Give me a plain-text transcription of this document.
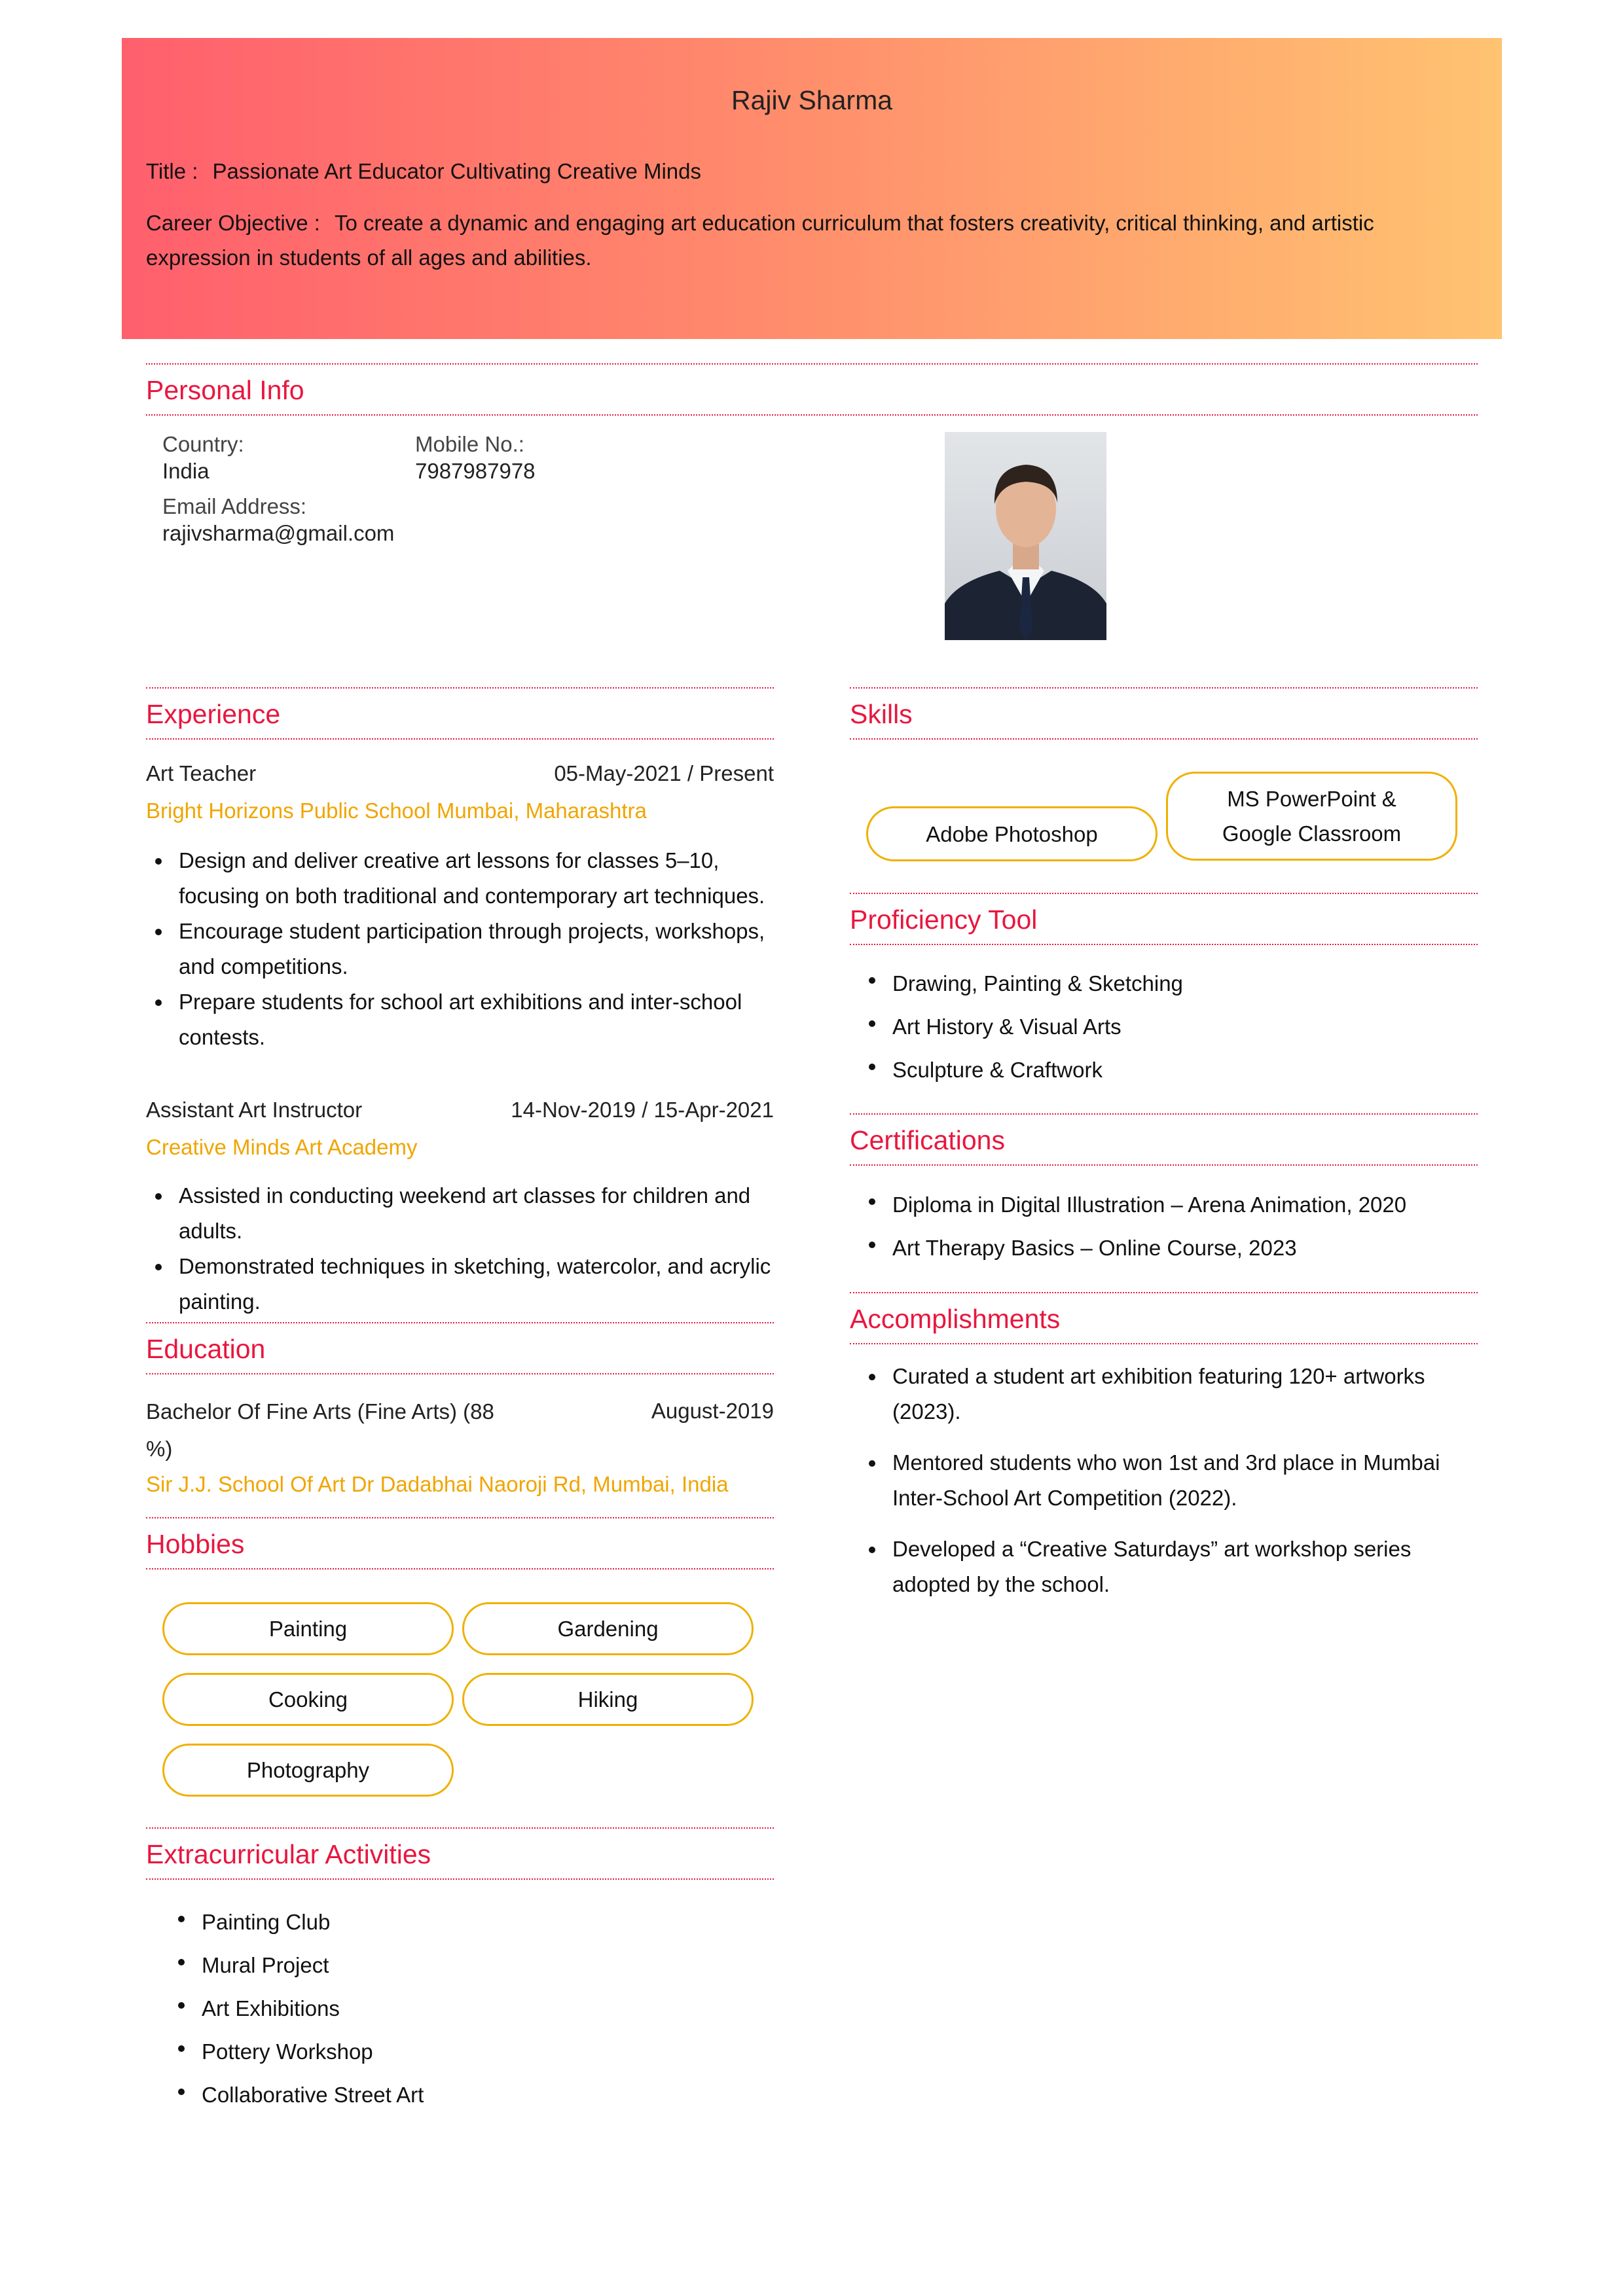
Rajiv Sharma
Title : Passionate Art Educator Cultivating Creative Minds
Career Objective : To create a dynamic and engaging art education curriculum that fosters creativity, critical thinking, and artistic expression in students of all ages and abilities.
Personal Info
Country:
India
Mobile No.:
7987987978
Email Address:
rajivsharma@gmail.com
Experience
Art Teacher	05-May-2021 / Present
Bright Horizons Public School Mumbai, Maharashtra
Design and deliver creative art lessons for classes 5–10, focusing on both traditional and contemporary art techniques.
Encourage student participation through projects, workshops, and competitions.
Prepare students for school art exhibitions and inter-school contests.
Assistant Art Instructor	14-Nov-2019 / 15-Apr-2021
Creative Minds Art Academy
Assisted in conducting weekend art classes for children and adults.
Demonstrated techniques in sketching, watercolor, and acrylic painting.
Education
Bachelor Of Fine Arts (Fine Arts) (88 %)
August-2019
Sir J.J. School Of Art Dr Dadabhai Naoroji Rd, Mumbai, India
Hobbies
Painting	Gardening
Cooking	Hiking
Photography
Extracurricular Activities
Painting Club
Mural Project
Art Exhibitions
Pottery Workshop
Collaborative Street Art
Skills
Adobe Photoshop
MS PowerPoint & Google Classroom
Proficiency Tool
Drawing, Painting & Sketching
Art History & Visual Arts
Sculpture & Craftwork
Certifications
Diploma in Digital Illustration – Arena Animation, 2020
Art Therapy Basics – Online Course, 2023
Accomplishments
Curated a student art exhibition featuring 120+ artworks (2023).
Mentored students who won 1st and 3rd place in Mumbai Inter-School Art Competition (2022).
Developed a “Creative Saturdays” art workshop series adopted by the school.
